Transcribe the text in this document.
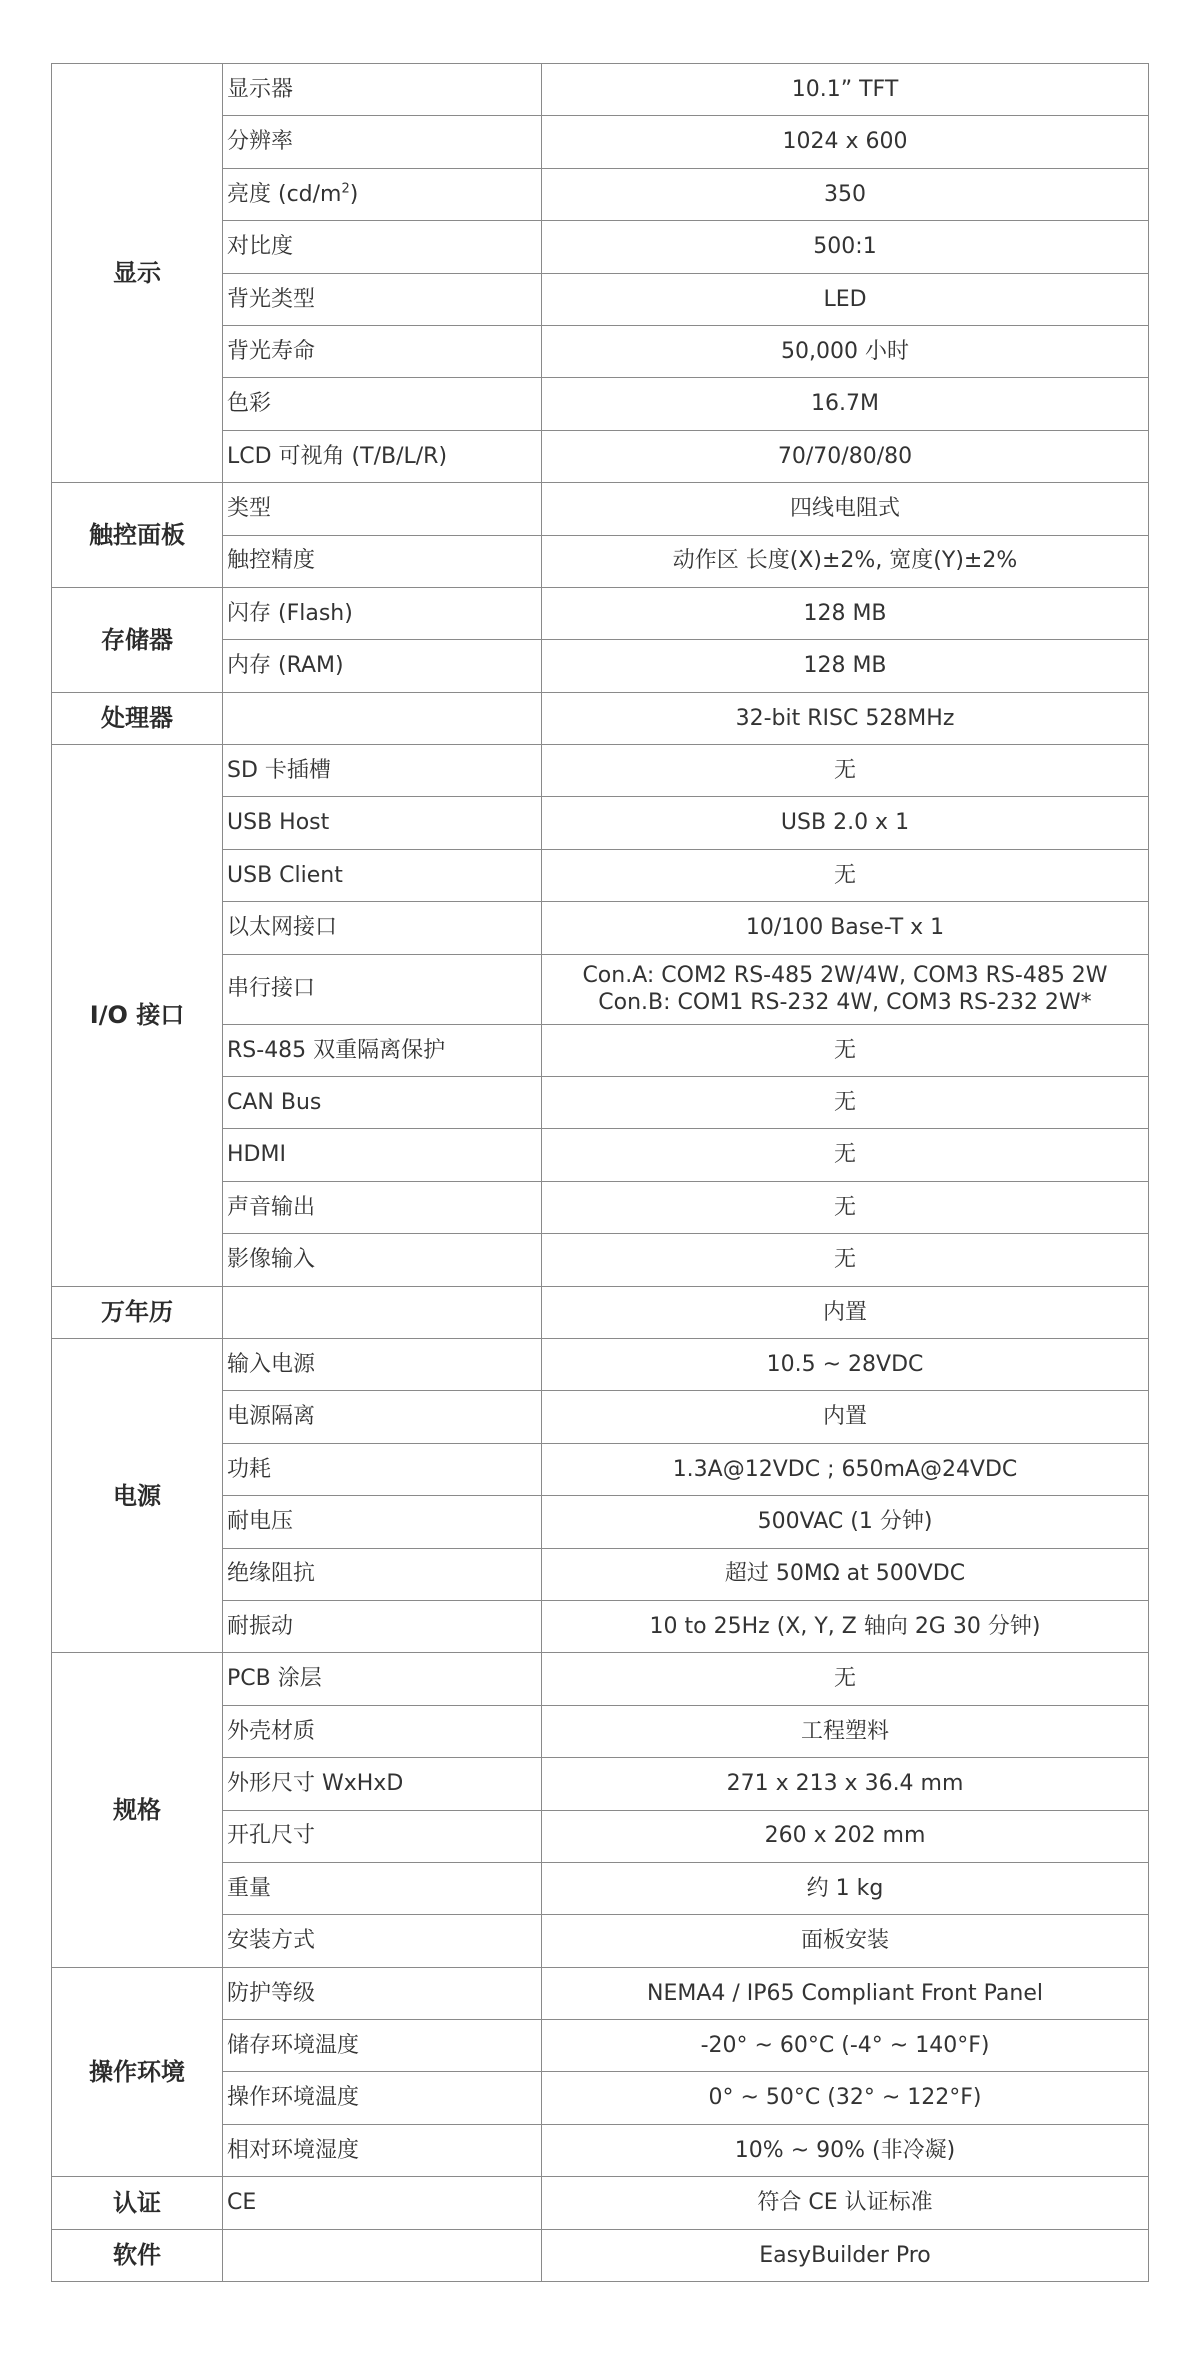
显示	显示器	10.1” TFT

	分辨率	1024 x 600

	亮度 $(cd/m^2)$	350

	对比度	500:1

	背光类型	LED

	背光寿命	50,000 小时

	色彩	16.7M

	LCD 可视角 (T/B/L/R)	70/70/80/80

触控面板	类型	四线电阻式

	触控精度	动作区 长度(X)±2%, 宽度(Y)±2%

存储器	闪存 (Flash)	128 MB

	内存 (RAM)	128 MB

处理器		32-bit RISC 528MHz

I/O 接口	SD 卡插槽	无

	USB Host	USB 2.0 x 1

	USB Client	无

	以太网接口	10/100 Base-T x 1

	串行接口	Con.A: COM2 RS-485 2W/4W, COM3 RS-485 2W
Con.B: COM1 RS-232 4W, COM3 RS-232 2W*

	RS-485 双重隔离保护	无

	CAN Bus	无

	HDMI	无

	声音输出	无

	影像输入	无

万年历		内置

电源	输入电源	10.5 ~ 28VDC

	电源隔离	内置

	功耗	1.3A@12VDC ; 650mA@24VDC

	耐电压	500VAC (1 分钟)

	绝缘阻抗	超过 50MΩ at 500VDC

	耐振动	10 to 25Hz (X, Y, Z 轴向 2G 30 分钟)

规格	PCB 涂层	无

	外壳材质	工程塑料

	外形尺寸 WxHxD	271 x 213 x 36.4 mm

	开孔尺寸	260 x 202 mm

	重量	约 1 kg

	安装方式	面板安装

操作环境	防护等级	NEMA4 / IP65 Compliant Front Panel

	储存环境温度	-20° ~ 60°C (-4° ~ 140°F)

	操作环境温度	0° ~ 50°C (32° ~ 122°F)

	相对环境湿度	10% ~ 90% (非冷凝)

认证	CE	符合 CE 认证标准

软件		EasyBuilder Pro
